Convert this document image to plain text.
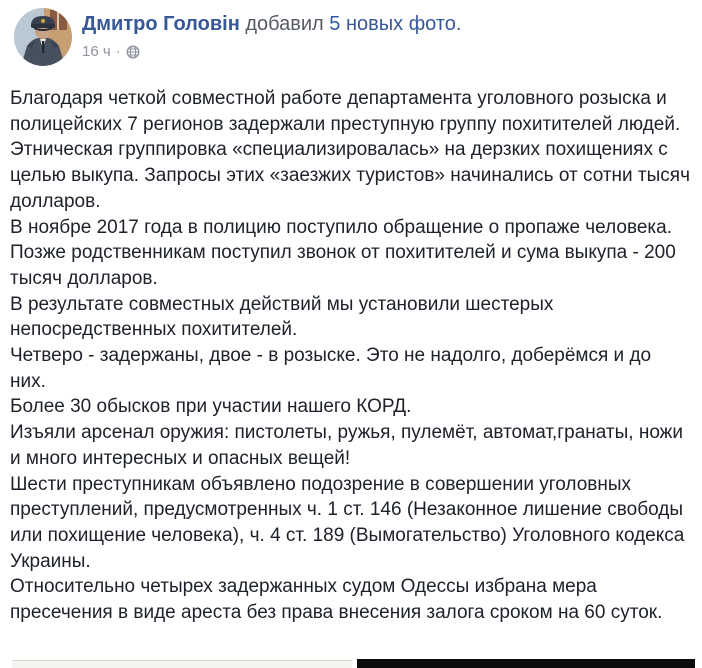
Дмитро Головін добавил 5 новых фото.
16 ч ·
Благодаря четкой совместной работе департамента уголовного розыска и полицейских 7 регионов задержали преступную группу похитителей людей.
Этническая группировка «специализировалась» на дерзких похищениях с целью выкупа. Запросы этих «заезжих туристов» начинались от сотни тысяч долларов.
В ноябре 2017 года в полицию поступило обращение о пропаже человека.
Позже родственникам поступил звонок от похитителей и сума выкупа - 200 тысяч долларов.
В результате совместных действий мы установили шестерых непосредственных похитителей.
Четверо - задержаны, двое - в розыске. Это не надолго, доберёмся и до них.
Более 30 обысков при участии нашего КОРД.
Изъяли арсенал оружия: пистолеты, ружья, пулемёт, автомат,гранаты, ножи и много интересных и опасных вещей!
Шести преступникам объявлено подозрение в совершении уголовных преступлений, предусмотренных ч. 1 ст. 146 (Незаконное лишение свободы или похищение человека), ч. 4 ст. 189 (Вымогательство) Уголовного кодекса Украины.
Относительно четырех задержанных судом Одессы избрана мера пресечения в виде ареста без права внесения залога сроком на 60 суток.
